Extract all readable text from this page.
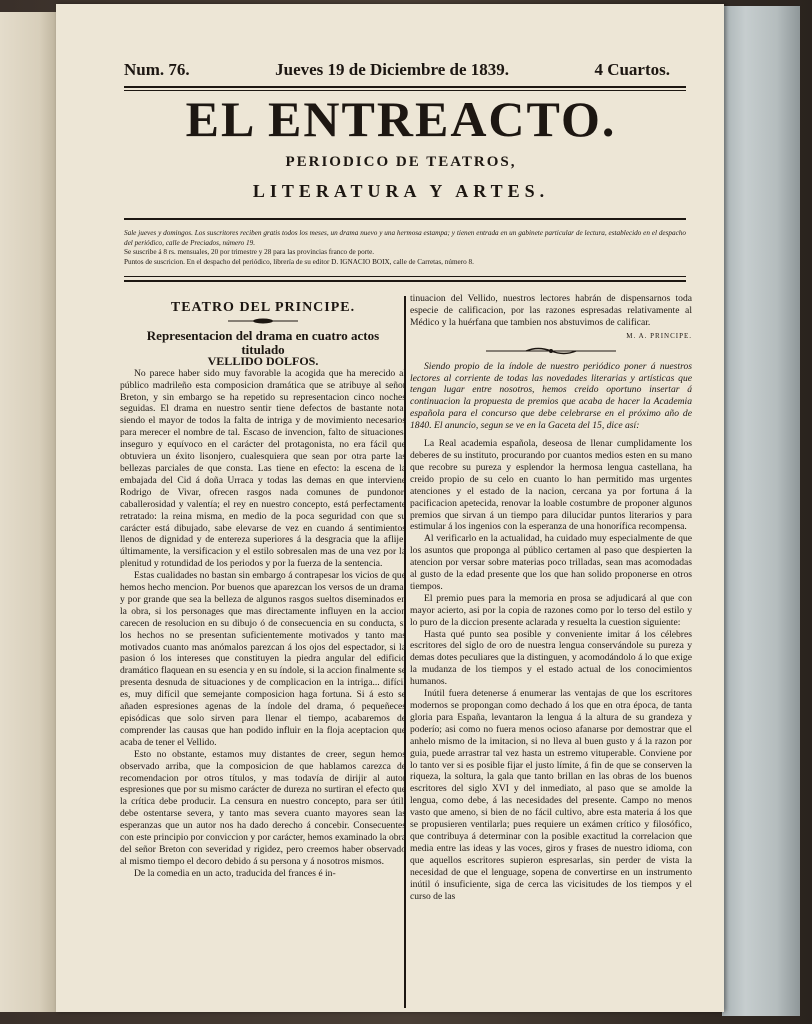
Num. 76.	Jueves 19 de Diciembre de 1839.	4 Cuartos.
EL ENTREACTO.
PERIODICO DE TEATROS,
LITERATURA Y ARTES.

Sale jueves y domingos. Los suscritores reciben gratis todos los meses, un drama nuevo y una hermosa estampa; y tienen entrada en un gabinete particular de lectura, establecido en el despacho del periódico, calle de Preciados, número 19.

Se suscribe á 8 rs. mensuales, 20 por trimestre y 28 para las provincias franco de porte.

Puntos de suscricion. En el despacho del periódico, librería de su editor D. IGNACIO BOIX, calle de Carretas, número 8.

TEATRO DEL PRINCIPE.

Representacion del drama en cuatro actos

titulado

VELLIDO DOLFOS.

No parece haber sido muy favorable la acogida que ha merecido al público madrileño esta composicion dramática que se atribuye al señor Breton, y sin embargo se ha repetido su representacion cinco noches seguidas. El drama en nuestro sentir tiene defectos de bastante nota, siendo el mayor de todos la falta de intriga y de movimiento necesarios para merecer el nombre de tal. Escaso de invencion, falto de situaciones, inseguro y equívoco en el carácter del protagonista, no era fácil que obtuviera un éxito lisonjero, cualesquiera que sean por otra parte las bellezas parciales de que consta. Las tiene en efecto: la escena de la embajada del Cid á doña Urraca y todas las demas en que interviene Rodrigo de Vivar, ofrecen rasgos nada comunes de pundonor, caballerosidad y valentía; el rey en nuestro concepto, está perfectamente retratado: la reina misma, en medio de la poca seguridad con que su carácter está dibujado, sabe elevarse de vez en cuando á sentimientos llenos de dignidad y de entereza superiores á la desgracia que la aflije: últimamente, la versificacion y el estilo sobresalen mas de una vez por la plenitud y rotundidad de los periodos y por la fuerza de la sentencia.

Estas cualidades no bastan sin embargo á contrapesar los vicios de que hemos hecho mencion. Por buenos que aparezcan los versos de un drama, y por grande que sea la belleza de algunos rasgos sueltos diseminados en la obra, si los personages que mas directamente influyen en la accion carecen de resolucion en su dibujo ó de consecuencia en su conducta, si los hechos no se presentan suficientemente motivados y tanto mas motivados cuanto mas anómalos parezcan á los ojos del espectador, si la pasion ó los intereses que constituyen la piedra angular del edificio dramático flaquean en su esencia y en su índole, si la accion finalmente se presenta desnuda de situaciones y de complicacion en la intriga... difícil es, muy difícil que semejante composicion haga fortuna. Si á esto se añaden espresiones agenas de la índole del drama, ó pequeñeces episódicas que solo sirven para llenar el tiempo, acabaremos de comprender las causas que han podido influir en la floja aceptacion que acaba de tener el Vellido.

Esto no obstante, estamos muy distantes de creer, segun hemos observado arriba, que la composicion de que hablamos carezca de recomendacion por otros títulos, y mas todavía de dirijir al autor espresiones que por su mismo carácter de dureza no surtiran el efecto que la crítica debe producir. La censura en nuestro concepto, para ser útil, debe ostentarse severa, y tanto mas severa cuanto mayores sean las esperanzas que un autor nos ha dado derecho á concebir. Consecuentes con este principio por conviccion y por carácter, hemos examinado la obra del señor Breton con severidad y rigidez, pero creemos haber observado al mismo tiempo el decoro debido á su persona y á nosotros mismos.

De la comedia en un acto, traducida del frances é in-

tinuacion del Vellido, nuestros lectores habrán de dispensarnos toda especie de calificacion, por las razones espresadas relativamente al Médico y la huérfana que tambien nos abstuvimos de calificar.

M. A. PRINCIPE.

Siendo propio de la índole de nuestro periódico poner á nuestros lectores al corriente de todas las novedades literarias y artísticas que tengan lugar entre nosotros, hemos creido oportuno insertar á continuacion la propuesta de premios que acaba de hacer la Academia española para el concurso que debe celebrarse en el próximo año de 1840. El anuncio, segun se ve en la Gaceta del 15, dice así:

La Real academia española, deseosa de llenar cumplidamente los deberes de su instituto, procurando por cuantos medios esten en su mano que recobre su pureza y esplendor la hermosa lengua castellana, ha creido propio de su celo en cuanto lo han permitido mas urgentes atenciones y el estado de la nacion, cercana ya por fortuna á la pacificacion apetecida, renovar la loable costumbre de proponer algunos premios que sirvan á un tiempo para dilucidar puntos literarios y para estimular á los ingenios con la esperanza de una honorífica recompensa.

Al verificarlo en la actualidad, ha cuidado muy especialmente de que los asuntos que proponga al público certamen al paso que despierten la atencion por versar sobre materias poco trilladas, sean mas acomodadas al gusto de la edad presente que los que han solido proponerse en otros tiempos.

El premio pues para la memoria en prosa se adjudicará al que con mayor acierto, asi por la copia de razones como por lo terso del estilo y lo puro de la diccion presente aclarada y resuelta la cuestion siguiente:

Hasta qué punto sea posible y conveniente imitar á los célebres escritores del siglo de oro de nuestra lengua conservándole su pureza y demas dotes peculiares que la distinguen, y acomodándolo á lo que exige la mudanza de los tiempos y el estado actual de los conocimientos humanos.

Inútil fuera detenerse á enumerar las ventajas de que los escritores modernos se propongan como dechado á los que en otra época, de tanta gloria para España, levantaron la lengua á la altura de su grandeza y poderío; asi como no fuera menos ocioso afanarse por demostrar que el anhelo mismo de la imitacion, si no lleva al buen gusto y á la razon por guia, puede arrastrar tal vez hasta un estremo vituperable. Conviene por lo tanto ver si es posible fijar el justo límite, á fin de que se conserven la riqueza, la soltura, la gala que tanto brillan en las obras de los buenos escritores del siglo XVI y del inmediato, al paso que se amolde la lengua, como debe, á las necesidades del presente. Campo no menos vasto que ameno, si bien de no fácil cultivo, abre esta materia á los que se propusieren ventilarla; pues requiere un exámen crítico y filosófico, que contribuya á determinar con la posible exactitud la correlacion que media entre las ideas y las voces, giros y frases de nuestro idioma, con que aquellos escritores supieron espresarlas, sin perder de vista la necesidad de que el lenguage, sopena de convertirse en un instrumento inútil ó insuficiente, siga de cerca las vicisitudes de los tiempos y el curso de las
